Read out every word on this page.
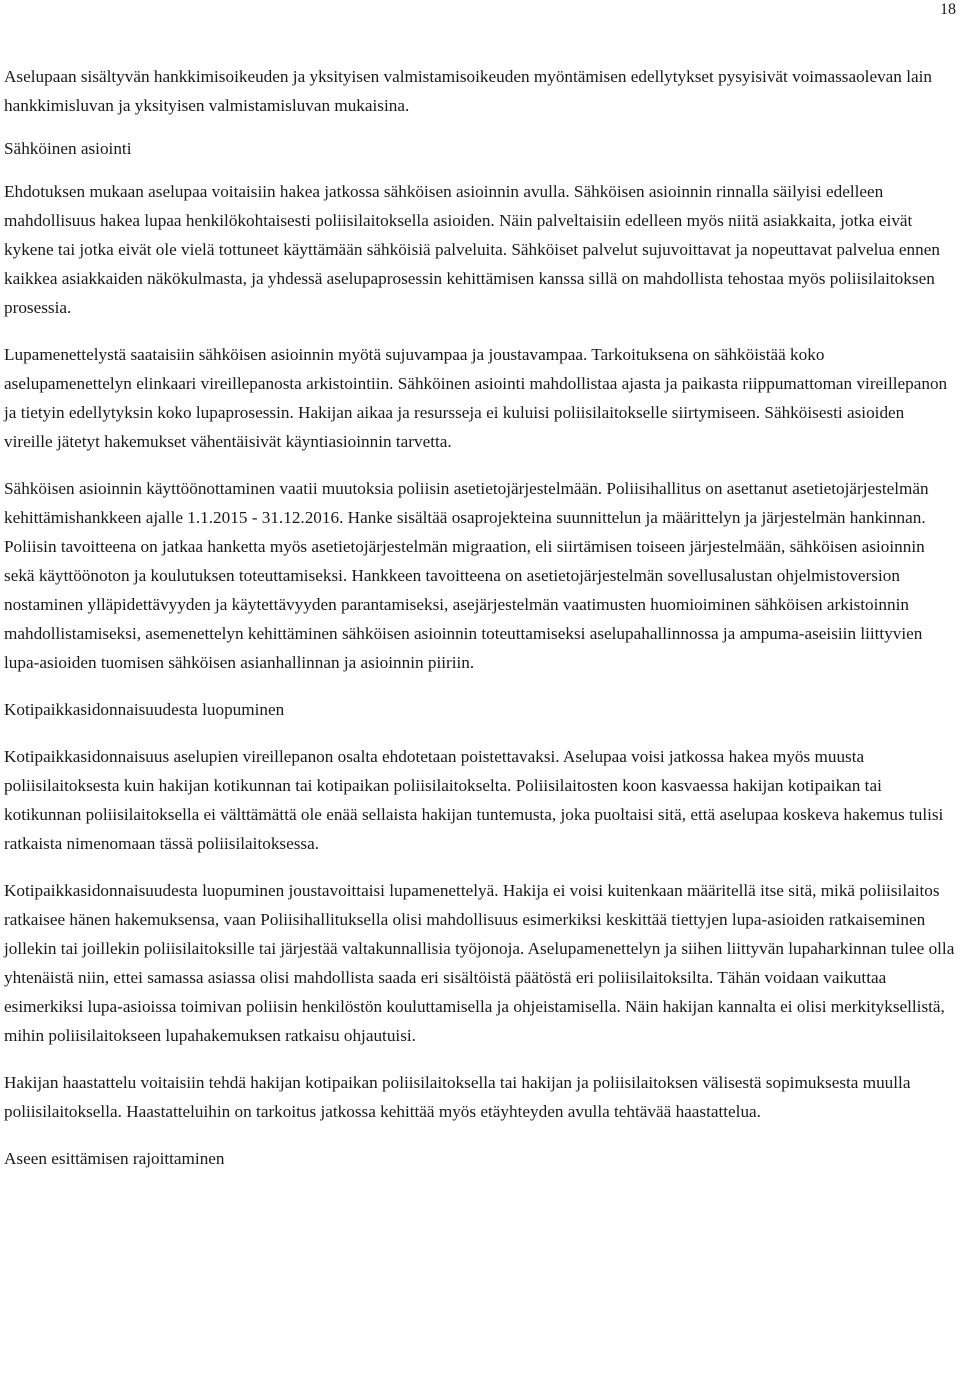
18

Aselupaan sisältyvän hankkimisoikeuden ja yksityisen valmistamisoikeuden myöntämisen edellytykset pysyisivät voimassaolevan lain hankkimisluvan ja yksityisen valmistamisluvan mukaisina.

Sähköinen asiointi

Ehdotuksen mukaan aselupaa voitaisiin hakea jatkossa sähköisen asioinnin avulla. Sähköisen asioinnin rinnalla säilyisi edelleen mahdollisuus hakea lupaa henkilökohtaisesti poliisilaitoksella asioiden. Näin palveltaisiin edelleen myös niitä asiakkaita, jotka eivät kykene tai jotka eivät ole vielä tottuneet käyttämään sähköisiä palveluita. Sähköiset palvelut sujuvoittavat ja nopeuttavat palvelua ennen kaikkea asiakkaiden näkökulmasta, ja yhdessä aselupaprosessin kehittämisen kanssa sillä on mahdollista tehostaa myös poliisilaitoksen prosessia.

Lupamenettelystä saataisiin sähköisen asioinnin myötä sujuvampaa ja joustavampaa. Tarkoituksena on sähköistää koko aselupamenettelyn elinkaari vireillepanosta arkistointiin. Sähköinen asiointi mahdollistaa ajasta ja paikasta riippumattoman vireillepanon ja tietyin edellytyksin koko lupaprosessin. Hakijan aikaa ja resursseja ei kuluisi poliisilaitokselle siirtymiseen. Sähköisesti asioiden vireille jätetyt hakemukset vähentäisivät käyntiasioinnin tarvetta.

Sähköisen asioinnin käyttöönottaminen vaatii muutoksia poliisin asetietojärjestelmään. Poliisihallitus on asettanut asetietojärjestelmän kehittämishankkeen ajalle 1.1.2015 - 31.12.2016. Hanke sisältää osaprojekteina suunnittelun ja määrittelyn ja järjestelmän hankinnan. Poliisin tavoitteena on jatkaa hanketta myös asetietojärjestelmän migraation, eli siirtämisen toiseen järjestelmään, sähköisen asioinnin sekä käyttöönoton ja koulutuksen toteuttamiseksi. Hankkeen tavoitteena on asetietojärjestelmän sovellusalustan ohjelmistoversion nostaminen ylläpidettävyyden ja käytettävyyden parantamiseksi, asejärjestelmän vaatimusten huomioiminen sähköisen arkistoinnin mahdollistamiseksi, asemenettelyn kehittäminen sähköisen asioinnin toteuttamiseksi aselupahallinnossa ja ampuma-aseisiin liittyvien lupa-asioiden tuomisen sähköisen asianhallinnan ja asioinnin piiriin.

Kotipaikkasidonnaisuudesta luopuminen

Kotipaikkasidonnaisuus aselupien vireillepanon osalta ehdotetaan poistettavaksi. Aselupaa voisi jatkossa hakea myös muusta poliisilaitoksesta kuin hakijan kotikunnan tai kotipaikan poliisilaitokselta. Poliisilaitosten koon kasvaessa hakijan kotipaikan tai kotikunnan poliisilaitoksella ei välttämättä ole enää sellaista hakijan tuntemusta, joka puoltaisi sitä, että aselupaa koskeva hakemus tulisi ratkaista nimenomaan tässä poliisilaitoksessa.

Kotipaikkasidonnaisuudesta luopuminen joustavoittaisi lupamenettelyä. Hakija ei voisi kuitenkaan määritellä itse sitä, mikä poliisilaitos ratkaisee hänen hakemuksensa, vaan Poliisihallituksella olisi mahdollisuus esimerkiksi keskittää tiettyjen lupa-asioiden ratkaiseminen jollekin tai joillekin poliisilaitoksille tai järjestää valtakunnallisia työjonoja. Aselupamenettelyn ja siihen liittyvän lupaharkinnan tulee olla yhtenäistä niin, ettei samassa asiassa olisi mahdollista saada eri sisältöistä päätöstä eri poliisilaitoksilta. Tähän voidaan vaikuttaa esimerkiksi lupa-asioissa toimivan poliisin henkilöstön kouluttamisella ja ohjeistamisella. Näin hakijan kannalta ei olisi merkityksellistä, mihin poliisilaitokseen lupahakemuksen ratkaisu ohjautuisi.

Hakijan haastattelu voitaisiin tehdä hakijan kotipaikan poliisilaitoksella tai hakijan ja poliisilaitoksen välisestä sopimuksesta muulla poliisilaitoksella. Haastatteluihin on tarkoitus jatkossa kehittää myös etäyhteyden avulla tehtävää haastattelua.

Aseen esittämisen rajoittaminen
